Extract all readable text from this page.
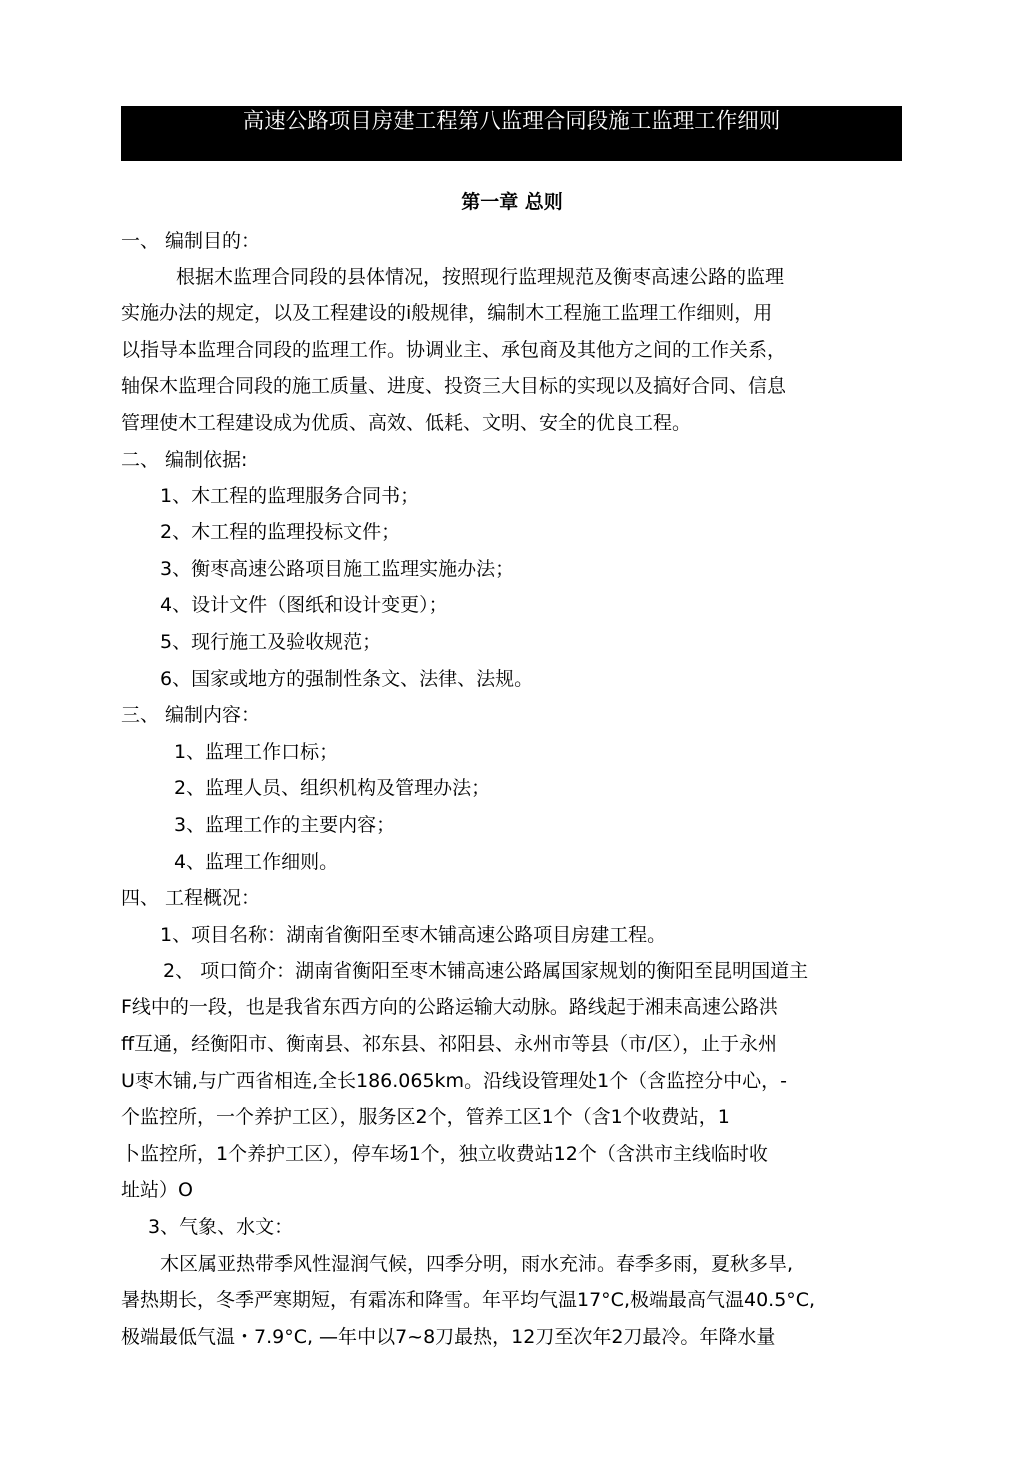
高速公路项目房建工程第八监理合同段施工监理工作细则
第一章 总则
一、 编制目的：
根据木监理合同段的县体情况，按照现行监理规范及衡枣高速公路的监理
实施办法的规定，以及工程建设的i般规律，编制木工程施工监理工作细则，用
以指导本监理合同段的监理工作。协调业主、承包商及其他方之间的工作关系，
轴保木监理合同段的施工质量、进度、投资三大目标的实现以及搞好合同、信息
管理使木工程建设成为优质、高效、低耗、文明、安全的优良工程。
二、 编制依据:
1、木工程的监理服务合同书；
2、木工程的监理投标文件；
3、衡枣高速公路项目施工监理实施办法；
4、设计文件（图纸和设计变更）；
5、现行施工及验收规范；
6、国家或地方的强制性条文、法律、法规。
三、 编制内容：
1、监理工作口标；
2、监理人员、组织机构及管理办法；
3、监理工作的主要内容；
4、监理工作细则。
四、 工程概况：
1、项目名称：湖南省衡阳至枣木铺高速公路项目房建工程。
2、 项口简介：湖南省衡阳至枣木铺高速公路属国家规划的衡阳至昆明国道主
F线中的一段，也是我省东西方向的公路运输大动脉。路线起于湘耒高速公路洪
ff互通，经衡阳市、衡南县、祁东县、祁阳县、永州市等县（市/区），止于永州
U枣木铺,与广西省相连,全长186.065km。沿线设管理处1个（含监控分中心，-
个监控所，一个养护工区），服务区2个，管养工区1个（含1个收费站，1
卜监控所，1个养护工区），停车场1个，独立收费站12个（含洪市主线临时收
址站）O
3、气象、水文：
木区属亚热带季风性湿润气候，四季分明，雨水充沛。春季多雨，夏秋多旱,
暑热期长，冬季严寒期短，有霜冻和降雪。年平均气温17°C,极端最高气温40.5°C,
极端最低气温・7.9°C, —年中以7~8刀最热，12刀至次年2刀最冷。年降水量
